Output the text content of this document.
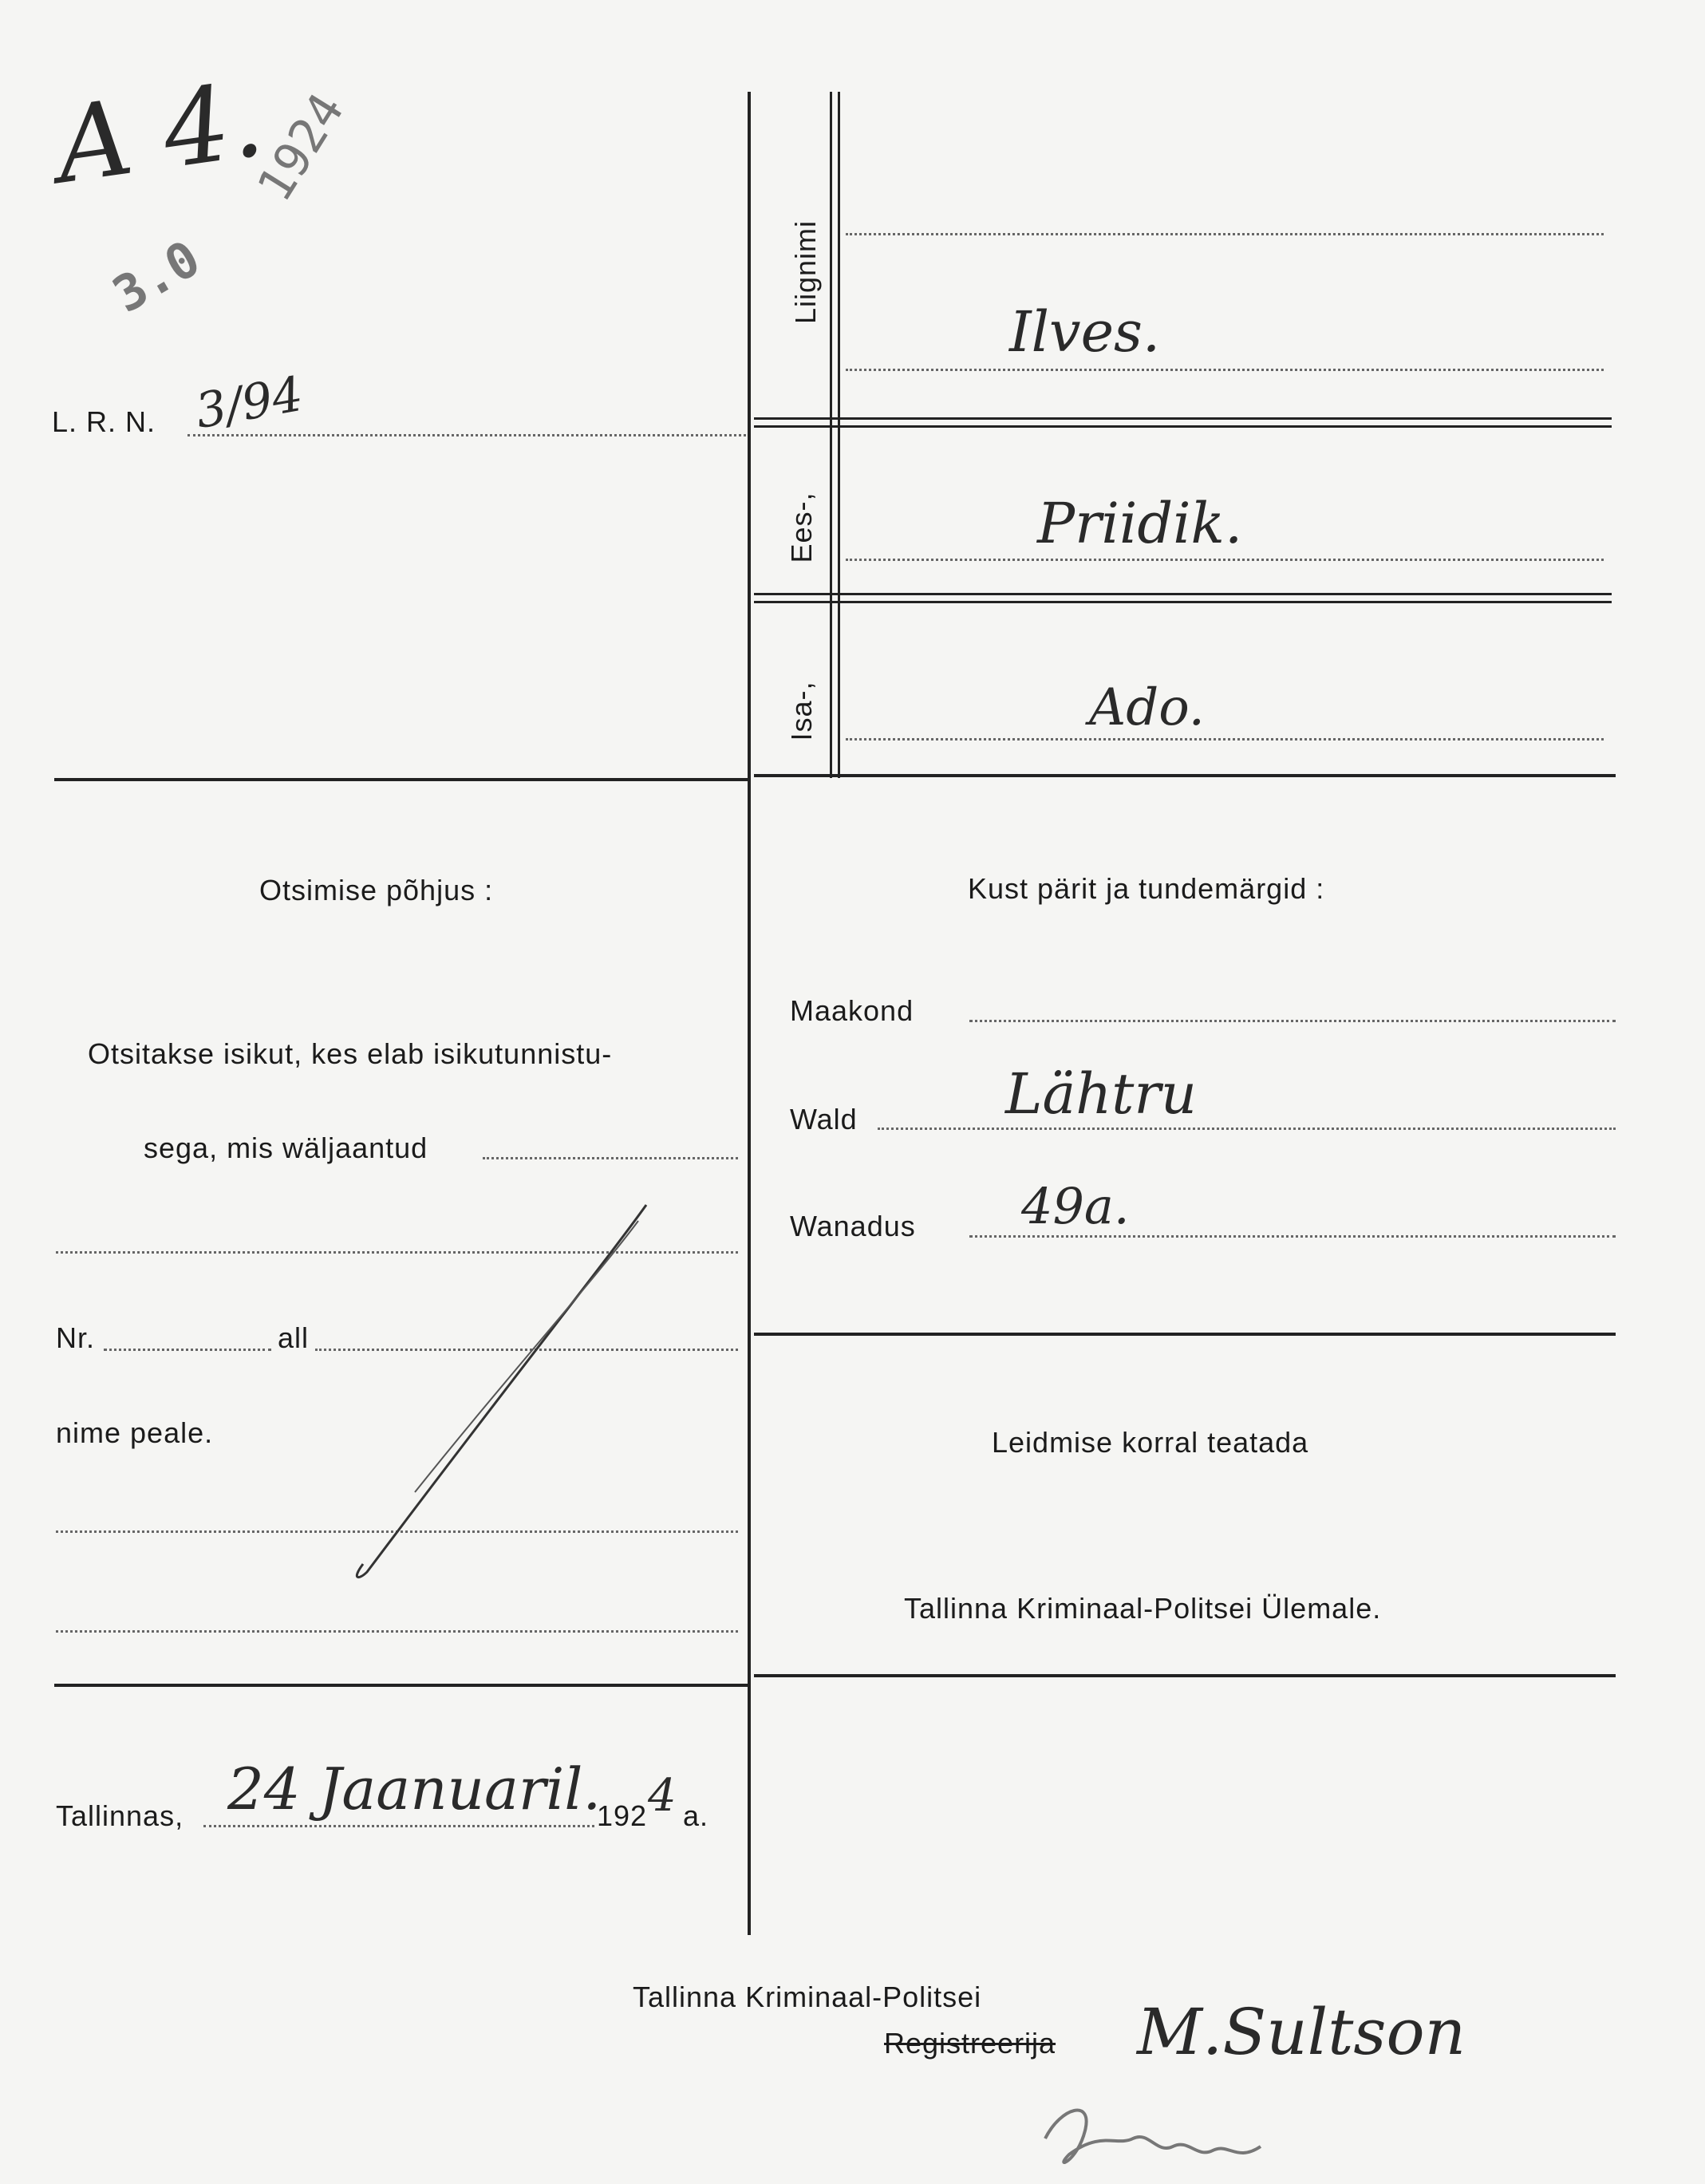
A 4.
1924
3.0
L. R. N. 3/94
Liignimi
Ees-,
Isa-,
Ilves.
Priidik.
Ado.
Otsimise põhjus :
Otsitakse isikut, kes elab isikutunnistu-
sega, mis wäljaantud
Nr.	all
nime peale.
Kust pärit ja tundemärgid :
Maakond
Wald	Lähtru
Wanadus 49a.
Leidmise korral teatada
Tallinna Kriminaal-Politsei Ülemale.
Tallinnas, 24 Jaanuaril.
192 4 a.
Tallinna Kriminaal-Politsei
Registreerija M.Sultson
